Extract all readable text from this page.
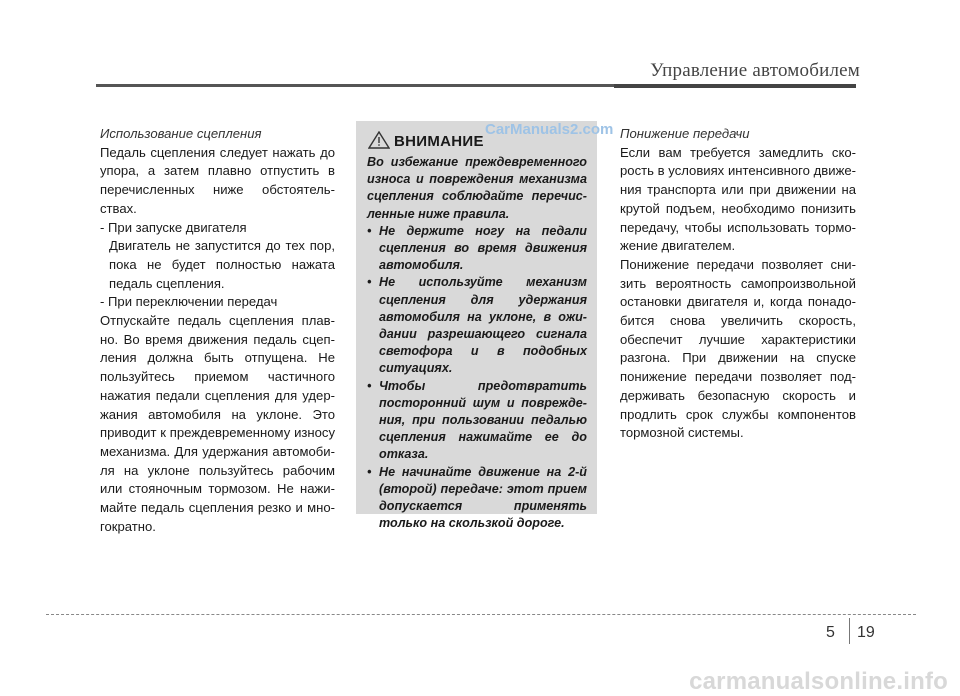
Управление автомобилем

Использование сцепления

Педаль сцепления следует нажать до упора, а затем плавно отпустить в перечисленных ниже обстоятельствах.

- При запуске двигателя

Двигатель не запустится до тех пор, пока не будет полностью нажата педаль сцепления.

- При переключении передач

Отпускайте педаль сцепления плавно. Во время движения педаль сцепления должна быть отпущена. Не пользуйтесь приемом частичного нажатия педали сцепления для удержания автомобиля на уклоне. Это приводит к преждевременному износу механизма. Для удержания автомобиля на уклоне пользуйтесь рабочим или стояночным тормозом. Не нажимайте педаль сцепления резко и многократно.

ВНИМАНИЕ

Во избежание преждевременного износа и повреждения механизма сцепления соблюдайте перечисленные ниже правила.

• Не держите ногу на педали сцепления во время движения автомобиля.
• Не используйте механизм сцепления для удержания автомобиля на уклоне, в ожидании разрешающего сигнала светофора и в подобных ситуациях.
• Чтобы предотвратить посторонний шум и повреждения, при пользовании педалью сцепления нажимайте ее до отказа.
• Не начинайте движение на 2-й (второй) передаче: этот прием допускается применять только на скользкой дороге.
CarManuals2.com Понижение передачи

Если вам требуется замедлить скорость в условиях интенсивного движения транспорта или при движении на крутой подъем, необходимо понизить передачу, чтобы использовать торможение двигателем.

Понижение передачи позволяет снизить вероятность самопроизвольной остановки двигателя и, когда понадобится снова увеличить скорость, обеспечит лучшие характеристики разгона. При движении на спуске понижение передачи позволяет поддерживать безопасную скорость и продлить срок службы компонентов тормозной системы.

5 19
carmanualsonline.info
